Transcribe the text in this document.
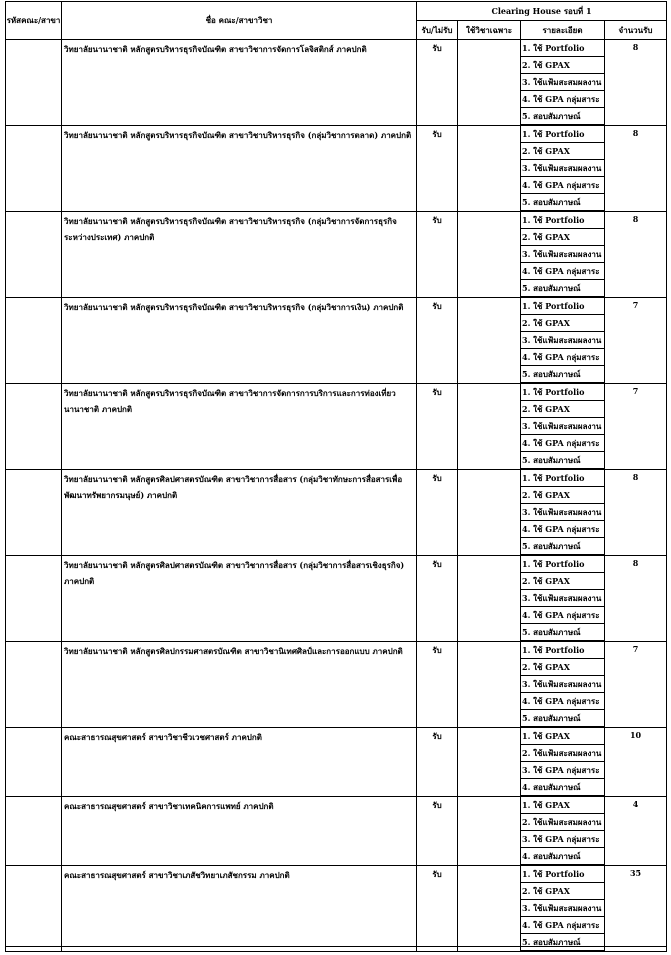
รหัสคณะ/สาขา	ชื่อ คณะ/สาขาวิชา	Clearing House รอบที่ 1			
		รับ/ไม่รับ	ใช้วิชาเฉพาะ	รายละเอียด	จำนวนรับ
	วิทยาลัยนานาชาติ หลักสูตรบริหารธุรกิจบัณฑิต สาขาวิชาการจัดการโลจิสติกส์ ภาคปกติ	รับ		1. ใช้ Portfolio
2. ใช้ GPAX
3. ใช้แฟ้มสะสมผลงาน
4. ใช้ GPA กลุ่มสาระ
5. สอบสัมภาษณ์	8
	วิทยาลัยนานาชาติ หลักสูตรบริหารธุรกิจบัณฑิต สาขาวิชาบริหารธุรกิจ (กลุ่มวิชาการตลาด) ภาคปกติ	รับ		1. ใช้ Portfolio
2. ใช้ GPAX
3. ใช้แฟ้มสะสมผลงาน
4. ใช้ GPA กลุ่มสาระ
5. สอบสัมภาษณ์	8
	วิทยาลัยนานาชาติ หลักสูตรบริหารธุรกิจบัณฑิต สาขาวิชาบริหารธุรกิจ (กลุ่มวิชาการจัดการธุรกิจระหว่างประเทศ) ภาคปกติ	รับ		1. ใช้ Portfolio
2. ใช้ GPAX
3. ใช้แฟ้มสะสมผลงาน
4. ใช้ GPA กลุ่มสาระ
5. สอบสัมภาษณ์	8
	วิทยาลัยนานาชาติ หลักสูตรบริหารธุรกิจบัณฑิต สาขาวิชาบริหารธุรกิจ (กลุ่มวิชาการเงิน) ภาคปกติ	รับ		1. ใช้ Portfolio
2. ใช้ GPAX
3. ใช้แฟ้มสะสมผลงาน
4. ใช้ GPA กลุ่มสาระ
5. สอบสัมภาษณ์	7
	วิทยาลัยนานาชาติ หลักสูตรบริหารธุรกิจบัณฑิต สาขาวิชาการจัดการการบริการและการท่องเที่ยวนานาชาติ ภาคปกติ	รับ		1. ใช้ Portfolio
2. ใช้ GPAX
3. ใช้แฟ้มสะสมผลงาน
4. ใช้ GPA กลุ่มสาระ
5. สอบสัมภาษณ์	7
	วิทยาลัยนานาชาติ หลักสูตรศิลปศาสตรบัณฑิต สาขาวิชาการสื่อสาร (กลุ่มวิชาทักษะการสื่อสารเพื่อพัฒนาทรัพยากรมนุษย์) ภาคปกติ	รับ		1. ใช้ Portfolio
2. ใช้ GPAX
3. ใช้แฟ้มสะสมผลงาน
4. ใช้ GPA กลุ่มสาระ
5. สอบสัมภาษณ์	8
	วิทยาลัยนานาชาติ หลักสูตรศิลปศาสตรบัณฑิต สาขาวิชาการสื่อสาร (กลุ่มวิชาการสื่อสารเชิงธุรกิจ) ภาคปกติ	รับ		1. ใช้ Portfolio
2. ใช้ GPAX
3. ใช้แฟ้มสะสมผลงาน
4. ใช้ GPA กลุ่มสาระ
5. สอบสัมภาษณ์	8
	วิทยาลัยนานาชาติ หลักสูตรศิลปกรรมศาสตรบัณฑิต สาขาวิชานิเทศศิลป์และการออกแบบ ภาคปกติ	รับ		1. ใช้ Portfolio
2. ใช้ GPAX
3. ใช้แฟ้มสะสมผลงาน
4. ใช้ GPA กลุ่มสาระ
5. สอบสัมภาษณ์	7
	คณะสาธารณสุขศาสตร์ สาขาวิชาชีวเวชศาสตร์ ภาคปกติ	รับ		1. ใช้ GPAX
2. ใช้แฟ้มสะสมผลงาน
3. ใช้ GPA กลุ่มสาระ
4. สอบสัมภาษณ์	10
	คณะสาธารณสุขศาสตร์ สาขาวิชาเทคนิคการแพทย์ ภาคปกติ	รับ		1. ใช้ GPAX
2. ใช้แฟ้มสะสมผลงาน
3. ใช้ GPA กลุ่มสาระ
4. สอบสัมภาษณ์	4
	คณะสาธารณสุขศาสตร์ สาขาวิชาเภสัชวิทยาเภสัชกรรม ภาคปกติ	รับ		1. ใช้ Portfolio
2. ใช้ GPAX
3. ใช้แฟ้มสะสมผลงาน
4. ใช้ GPA กลุ่มสาระ
5. สอบสัมภาษณ์	35
